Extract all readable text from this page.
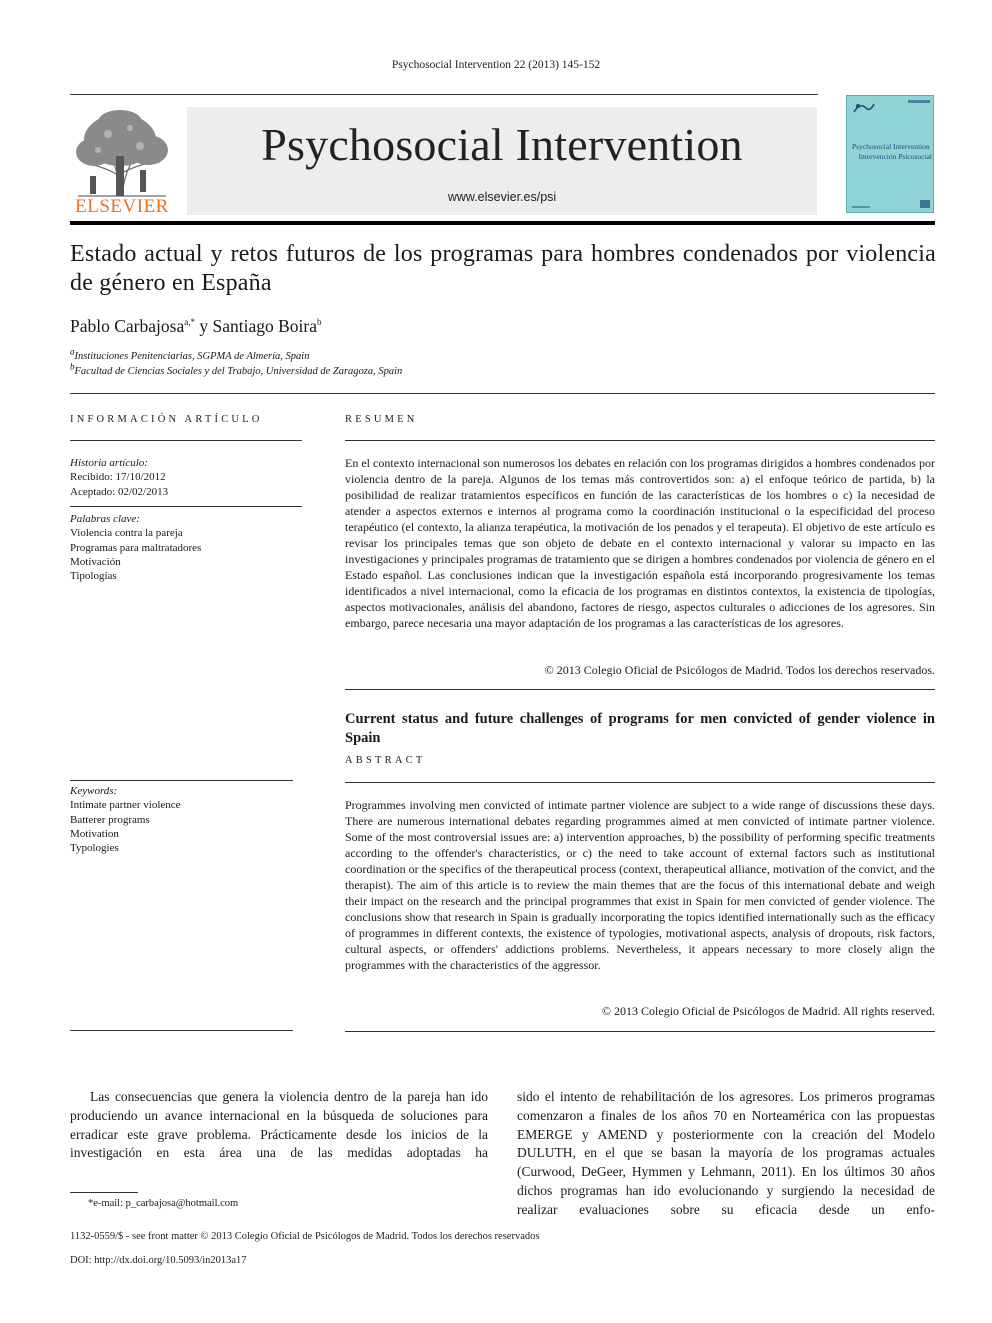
Psychosocial Intervention 22 (2013) 145-152
Psychosocial Intervention
www.elsevier.es/psi
ELSEVIER
Psychosocial Intervention
Intervención Psicosocial
Estado actual y retos futuros de los programas para hombres condenados por violencia de género en España
Pablo Carbajosa$^{a,*}$ y Santiago Boira$^b$
$^a$Instituciones Penitenciarias, SGPMA de Almería, Spain
$^b$Facultad de Ciencias Sociales y del Trabajo, Universidad de Zaragoza, Spain
INFORMACIÓN ARTÍCULO
Historia artículo:
Recibido: 17/10/2012
Aceptado: 02/02/2013
Palabras clave:
Violencia contra la pareja
Programas para maltratadores
Motivación
Tipologías
Keywords:
Intimate partner violence
Batterer programs
Motivation
Typologies
RESUMEN
En el contexto internacional son numerosos los debates en relación con los programas dirigidos a hombres condenados por violencia dentro de la pareja. Algunos de los temas más controvertidos son: a) el enfoque teórico de partida, b) la posibilidad de realizar tratamientos específicos en función de las características de los hombres o c) la necesidad de atender a aspectos externos e internos al programa como la coordinación institucional o la especificidad del proceso terapéutico (el contexto, la alianza terapéutica, la motivación de los penados y el terapeuta). El objetivo de este artículo es revisar los principales temas que son objeto de debate en el contexto internacional y valorar su impacto en las investigaciones y principales programas de tratamiento que se dirigen a hombres condenados por violencia de género en el Estado español. Las conclusiones indican que la investigación española está incorporando progresivamente los temas identificados a nivel internacional, como la eficacia de los programas en distintos contextos, la existencia de tipologías, aspectos motivacionales, análisis del abandono, factores de riesgo, aspectos culturales o adicciones de los agresores. Sin embargo, parece necesaria una mayor adaptación de los programas a las características de los agresores.
© 2013 Colegio Oficial de Psicólogos de Madrid. Todos los derechos reservados.
Current status and future challenges of programs for men convicted of gender violence in Spain
ABSTRACT
Programmes involving men convicted of intimate partner violence are subject to a wide range of discussions these days. There are numerous international debates regarding programmes aimed at men convicted of intimate partner violence. Some of the most controversial issues are: a) intervention approaches, b) the possibility of performing specific treatments according to the offender's characteristics, or c) the need to take account of external factors such as institutional coordination or the specifics of the therapeutical process (context, therapeutical alliance, motivation of the convict, and the therapist). The aim of this article is to review the main themes that are the focus of this international debate and weigh their impact on the research and the principal programmes that exist in Spain for men convicted of gender violence. The conclusions show that research in Spain is gradually incorporating the topics identified internationally such as the efficacy of programmes in different contexts, the existence of typologies, motivational aspects, analysis of dropouts, risk factors, cultural aspects, or offenders' addictions problems. Nevertheless, it appears necessary to more closely align the programmes with the characteristics of the aggressor.
© 2013 Colegio Oficial de Psicólogos de Madrid. All rights reserved.
Las consecuencias que genera la violencia dentro de la pareja han ido produciendo un avance internacional en la búsqueda de soluciones para erradicar este grave problema. Prácticamente desde los inicios de la investigación en esta área una de las medidas adoptadas ha
sido el intento de rehabilitación de los agresores. Los primeros programas comenzaron a finales de los años 70 en Norteamérica con las propuestas EMERGE y AMEND y posteriormente con la creación del Modelo DULUTH, en el que se basan la mayoría de los programas actuales (Curwood, DeGeer, Hymmen y Lehmann, 2011). En los últimos 30 años dichos programas han ido evolucionando y surgiendo la necesidad de realizar evaluaciones sobre su eficacia desde un enfo-
*e-mail: p_carbajosa@hotmail.com
1132-0559/$ - see front matter © 2013 Colegio Oficial de Psicólogos de Madrid. Todos los derechos reservados
DOI: http://dx.doi.org/10.5093/in2013a17
